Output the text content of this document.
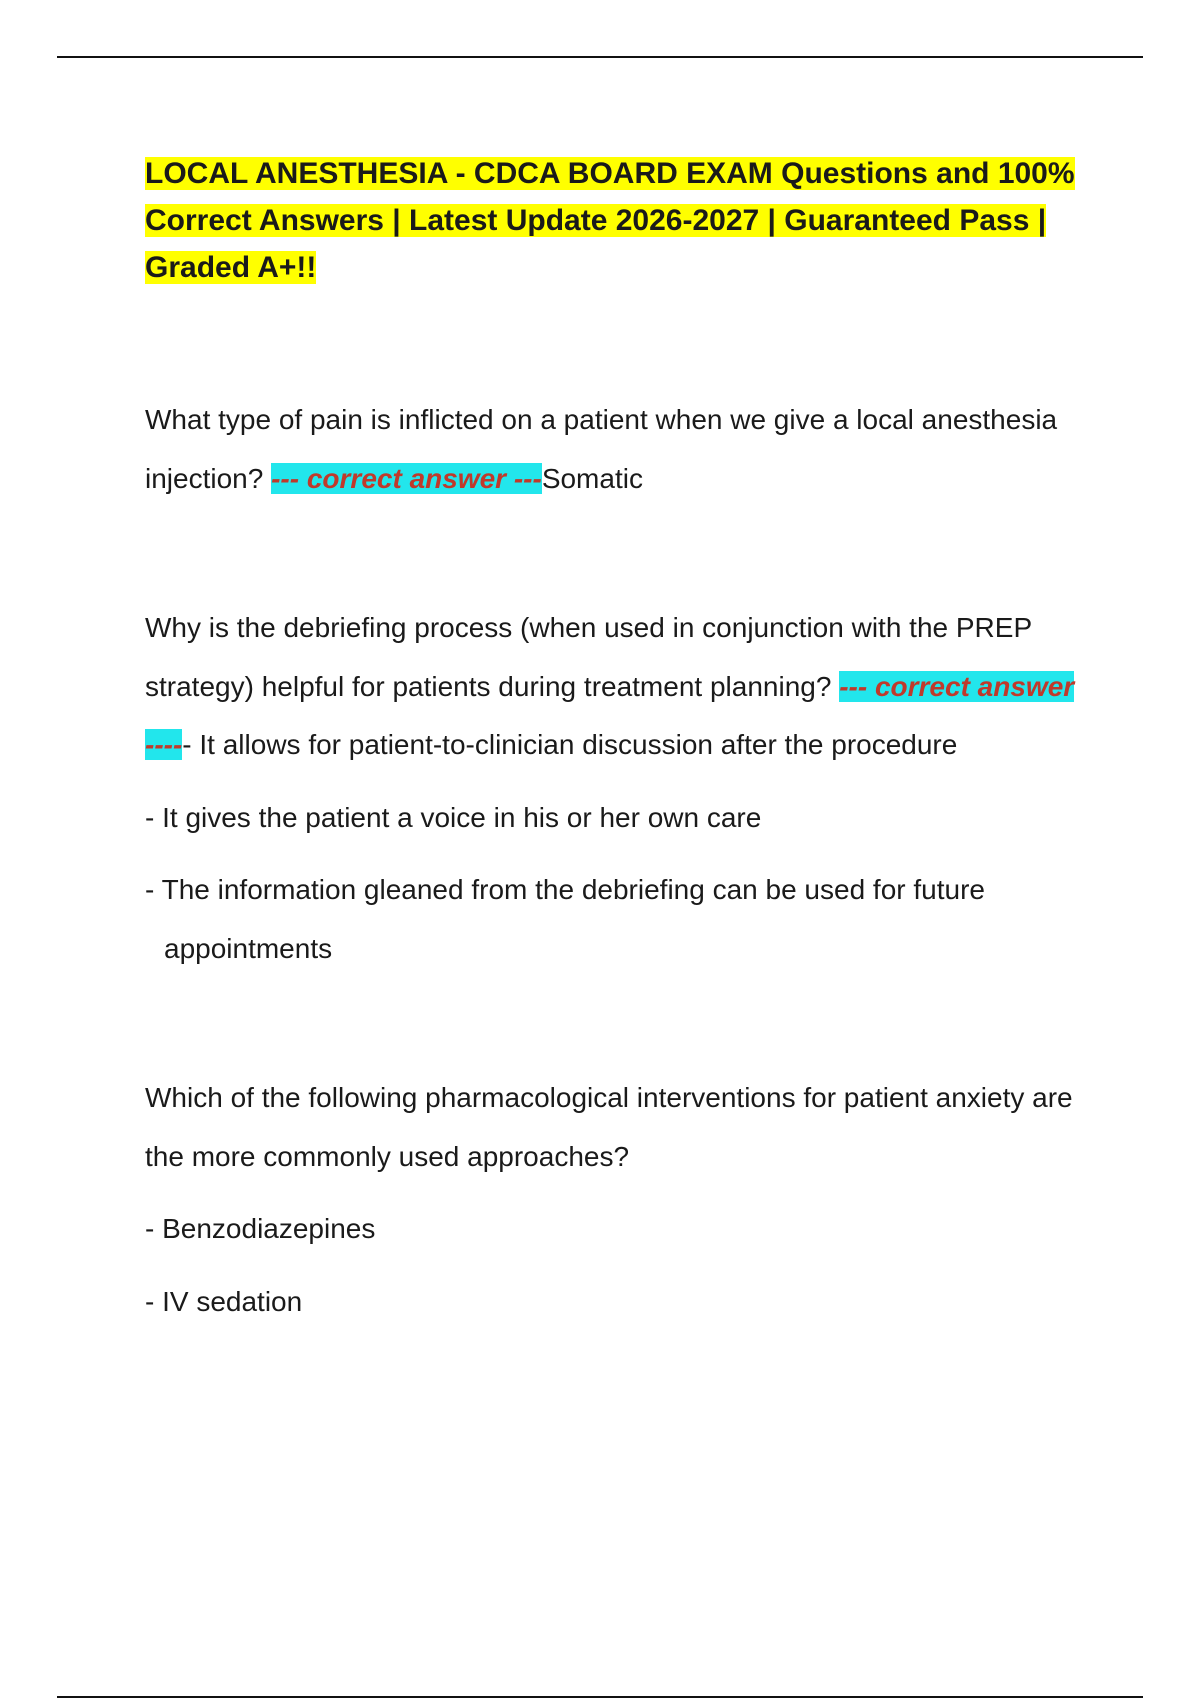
LOCAL ANESTHESIA - CDCA BOARD EXAM Questions and 100% Correct Answers | Latest Update 2026-2027 | Guaranteed Pass | Graded A+!!

What type of pain is inflicted on a patient when we give a local anesthesia injection? --- correct answer ---Somatic

Why is the debriefing process (when used in conjunction with the PREP strategy) helpful for patients during treatment planning? --- correct answer ----- It allows for patient-to-clinician discussion after the procedure

- It gives the patient a voice in his or her own care
- The information gleaned from the debriefing can be used for future appointments

Which of the following pharmacological interventions for patient anxiety are the more commonly used approaches?

- Benzodiazepines
- IV sedation
